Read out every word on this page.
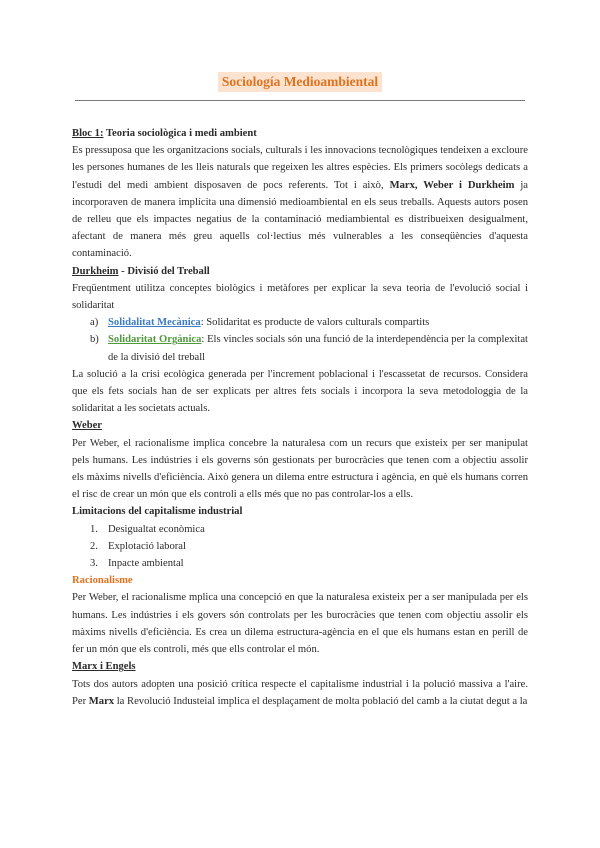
Sociología Medioambiental

Bloc 1: Teoria sociològica i medi ambient

Es pressuposa que les organitzacions socials, culturals i les innovacions tecnològiques tendeixen a excloure les persones humanes de les lleis naturals que regeixen les altres espècies. Els primers socòlegs dedicats a l'estudi del medi ambient disposaven de pocs referents. Tot i això, Marx, Weber i Durkheim ja incorporaven de manera implícita una dimensió medioambiental en els seus treballs. Aquests autors posen de relleu que els impactes negatius de la contaminació mediambiental es distribueixen desigualment, afectant de manera més greu aquells col·lectius més vulnerables a les conseqüències d'aquesta contaminació.

Durkheim - Divisió del Treball

Freqüentment utilitza conceptes biològics i metàfores per explicar la seva teoria de l'evolució social i solidaritat

a) Solidalitat Mecànica: Solidaritat es producte de valors culturals compartits
b) Solidaritat Orgànica: Els vincles socials són una funció de la interdependència per la complexitat de la divisió del treball

La solució a la crisi ecològica generada per l'increment poblacional i l'escassetat de recursos. Considera que els fets socials han de ser explicats per altres fets socials i incorpora la seva metodologgia de la solidaritat a les societats actuals.

Weber

Per Weber, el racionalisme implica concebre la naturalesa com un recurs que existeix per ser manipulat pels humans. Les indústries i els governs són gestionats per burocràcies que tenen com a objectiu assolir els màxims nivells d'eficiència. Això genera un dilema entre estructura i agència, en què els humans corren el risc de crear un món que els controli a ells més que no pas controlar-los a ells.

Limitacions del capitalisme industrial

1. Desigualtat econòmica
2. Explotació laboral
3. Inpacte ambiental

Racionalisme

Per Weber, el racionalisme mplica una concepció en que la naturalesa existeix per a ser manipulada per els humans. Les indústries i els govers són controlats per les burocràcies que tenen com objectiu assolir els màxims nivells d'eficiència. Es crea un dilema estructura-agència en el que els humans estan en perill de fer un món que els controli, més que ells controlar el món.

Marx i Engels

Tots dos autors adopten una posició crítica respecte el capitalisme industrial i la polució massiva a l'aire. Per Marx la Revolució Industeial implica el desplaçament de molta població del camb a la ciutat degut a la
